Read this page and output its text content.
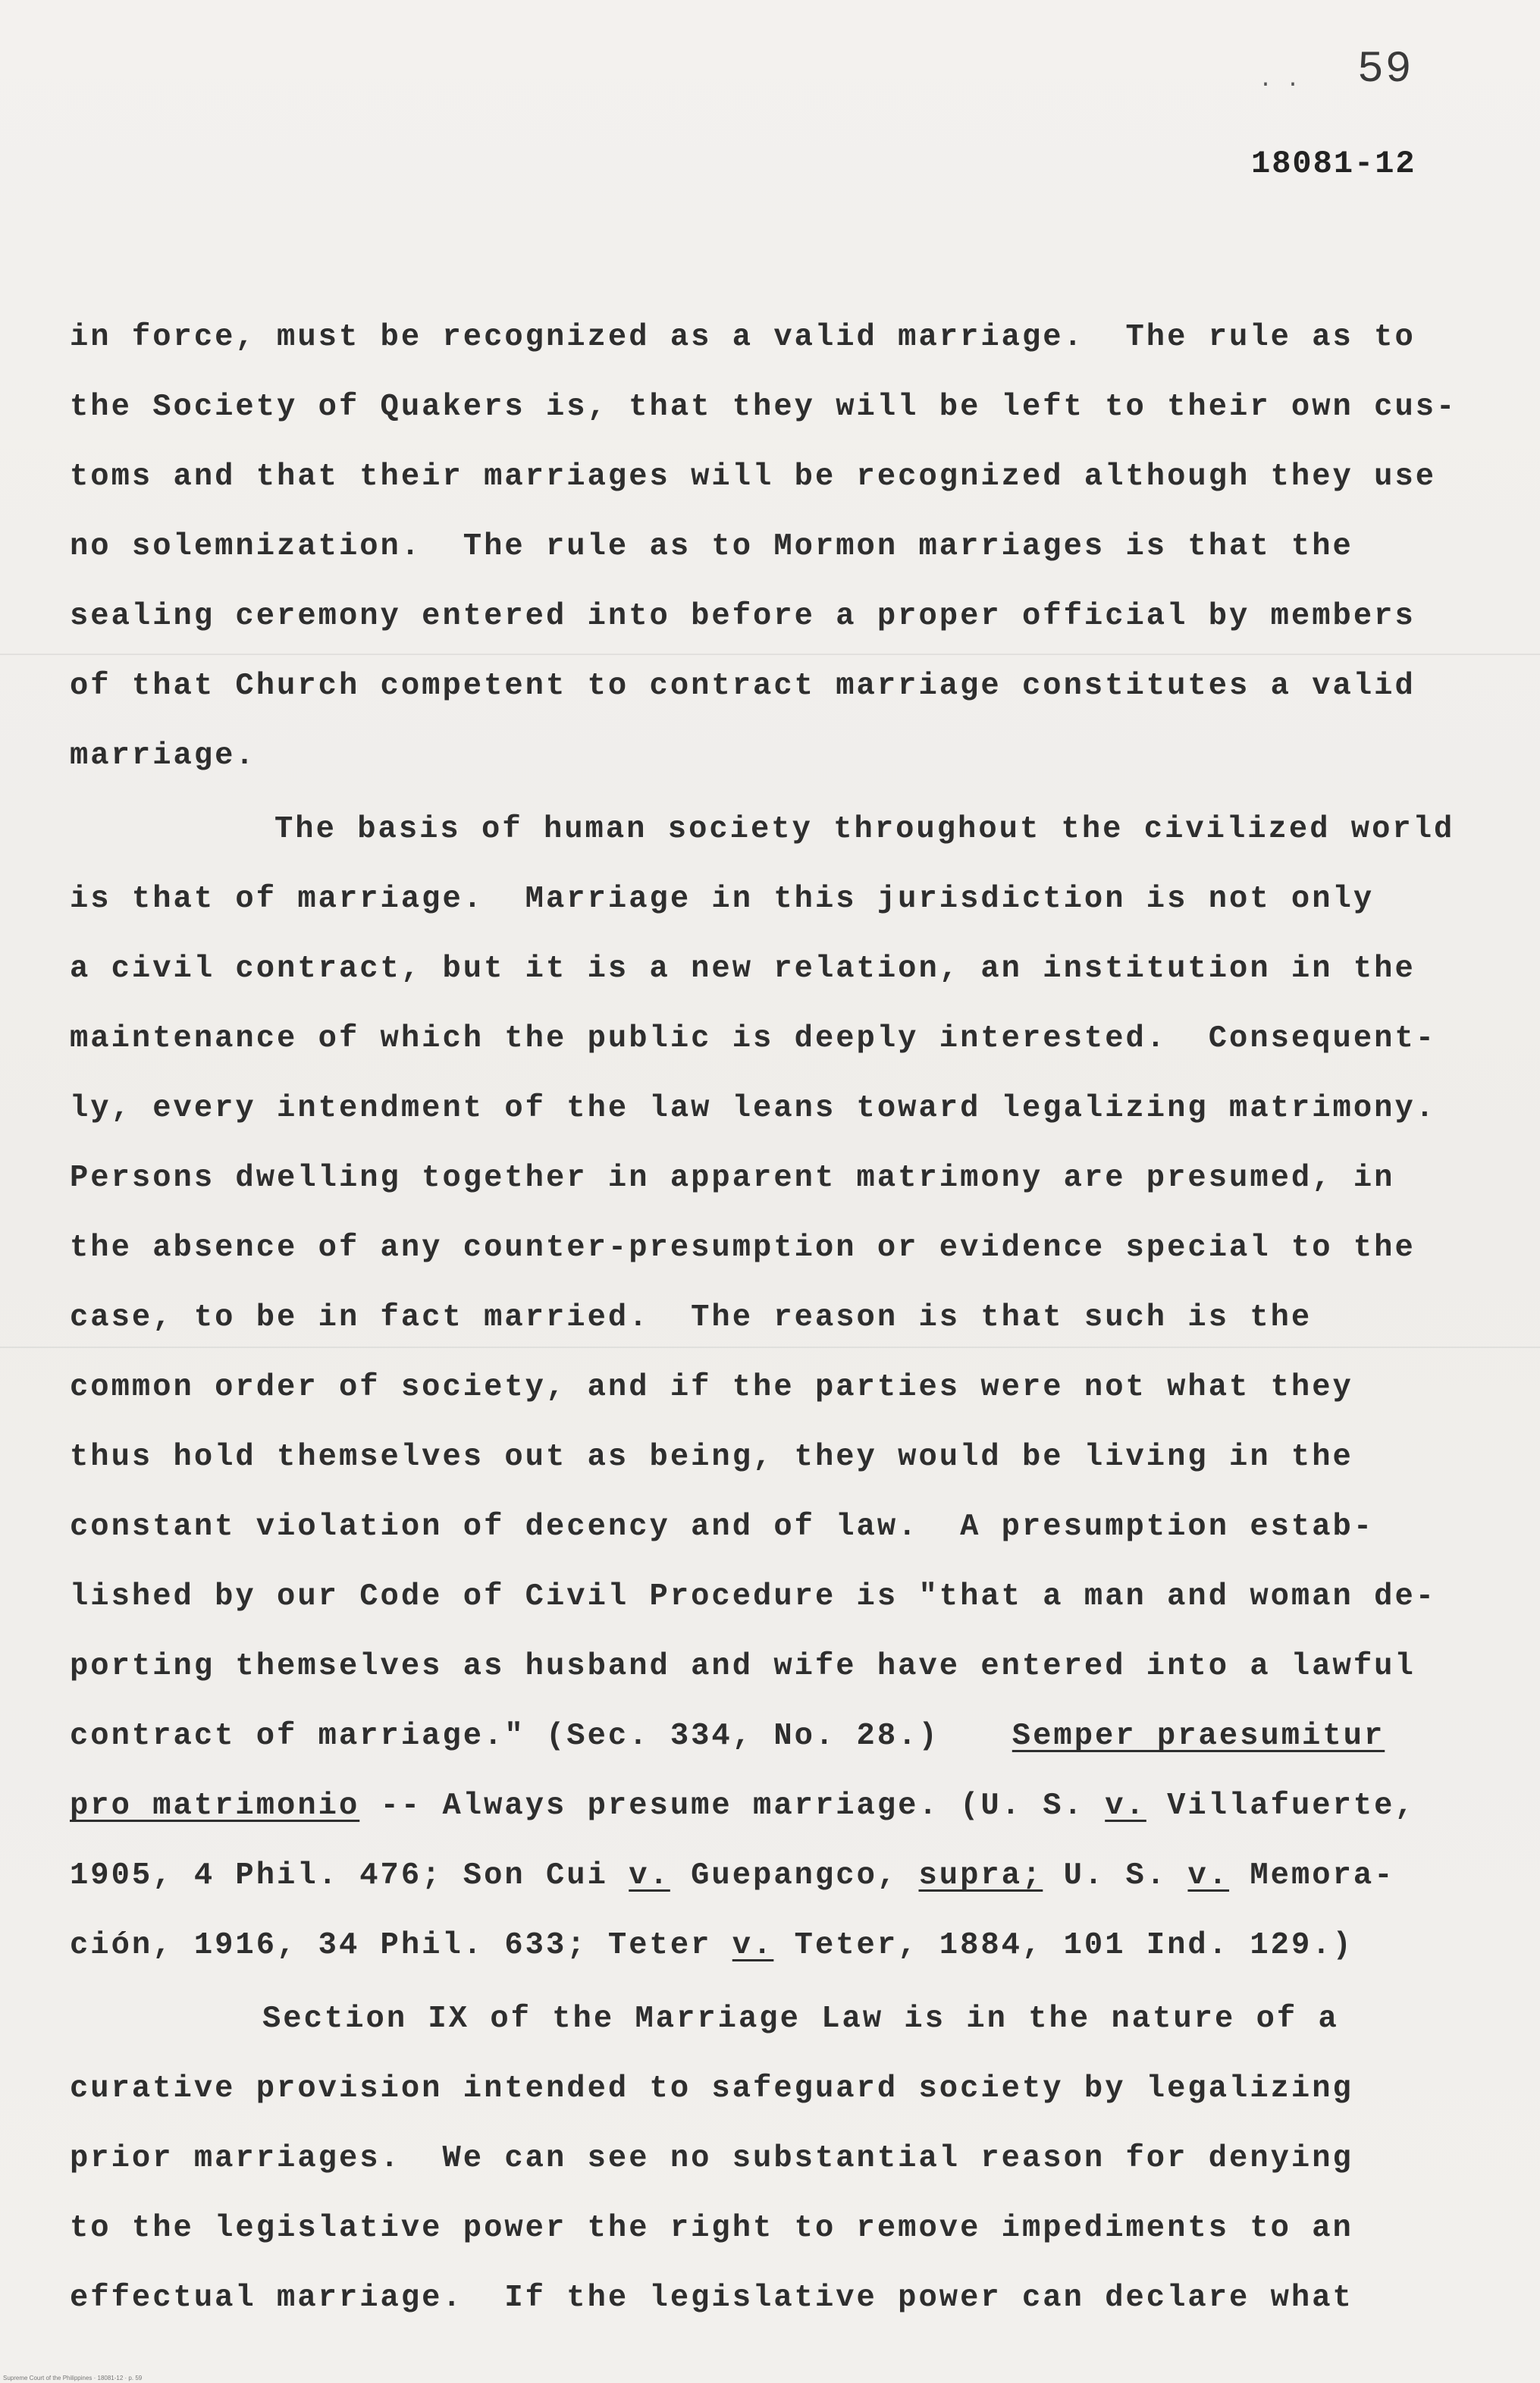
59
· ·
18081-12
in force, must be recognized as a valid marriage.  The rule as to
the Society of Quakers is, that they will be left to their own cus-
toms and that their marriages will be recognized although they use
no solemnization.  The rule as to Mormon marriages is that the
sealing ceremony entered into before a proper official by members
of that Church competent to contract marriage constitutes a valid
marriage.
The basis of human society throughout the civilized world
is that of marriage.  Marriage in this jurisdiction is not only
a civil contract, but it is a new relation, an institution in the
maintenance of which the public is deeply interested.  Consequent-
ly, every intendment of the law leans toward legalizing matrimony.
Persons dwelling together in apparent matrimony are presumed, in
the absence of any counter-presumption or evidence special to the
case, to be in fact married.  The reason is that such is the
common order of society, and if the parties were not what they
thus hold themselves out as being, they would be living in the
constant violation of decency and of law.  A presumption estab-
lished by our Code of Civil Procedure is "that a man and woman de-
porting themselves as husband and wife have entered into a lawful
contract of marriage." (Sec. 334, No. 28.) Semper praesumitur
pro matrimonio -- Always presume marriage. (U. S. v. Villafuerte,
1905, 4 Phil. 476; Son Cui v. Guepangco, supra; U. S. v. Memora-
ción, 1916, 34 Phil. 633; Teter v. Teter, 1884, 101 Ind. 129.)
Section IX of the Marriage Law is in the nature of a
curative provision intended to safeguard society by legalizing
prior marriages.  We can see no substantial reason for denying
to the legislative power the right to remove impediments to an
effectual marriage.  If the legislative power can declare what
Supreme Court of the Philippines · 18081-12 · p. 59
